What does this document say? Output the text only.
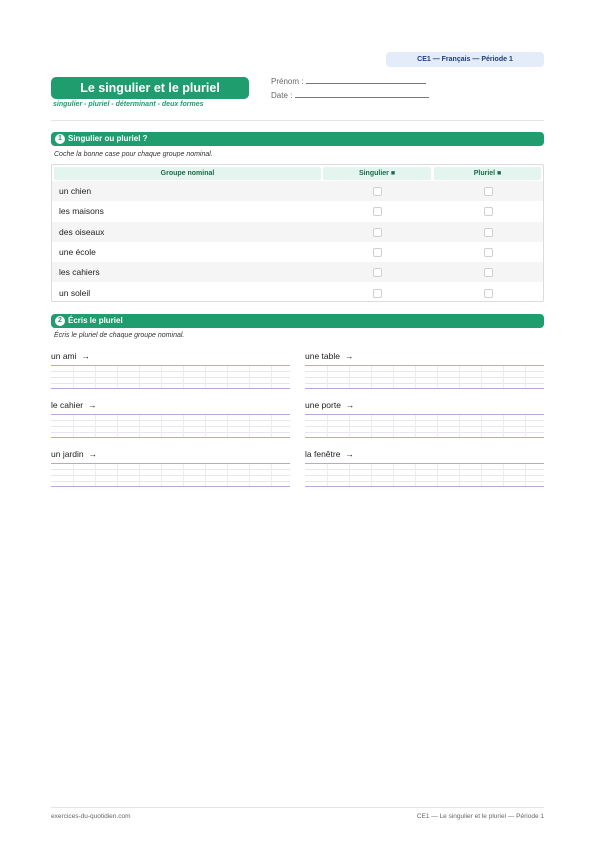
CE1 — Français — Période 1
Le singulier et le pluriel
singulier - pluriel - déterminant - deux formes
Prénom :
Date :
1 Singulier ou pluriel ?
Coche la bonne case pour chaque groupe nominal.
Groupe nominal	Singulier ■	Pluriel ■
un chien
les maisons
des oiseaux
une école
les cahiers
un soleil
2 Écris le pluriel
Écris le pluriel de chaque groupe nominal.
un ami →	une table →
le cahier →	une porte →
un jardin →	la fenêtre →
exercices-du-quotidien.com	CE1 — Le singulier et le pluriel — Période 1
